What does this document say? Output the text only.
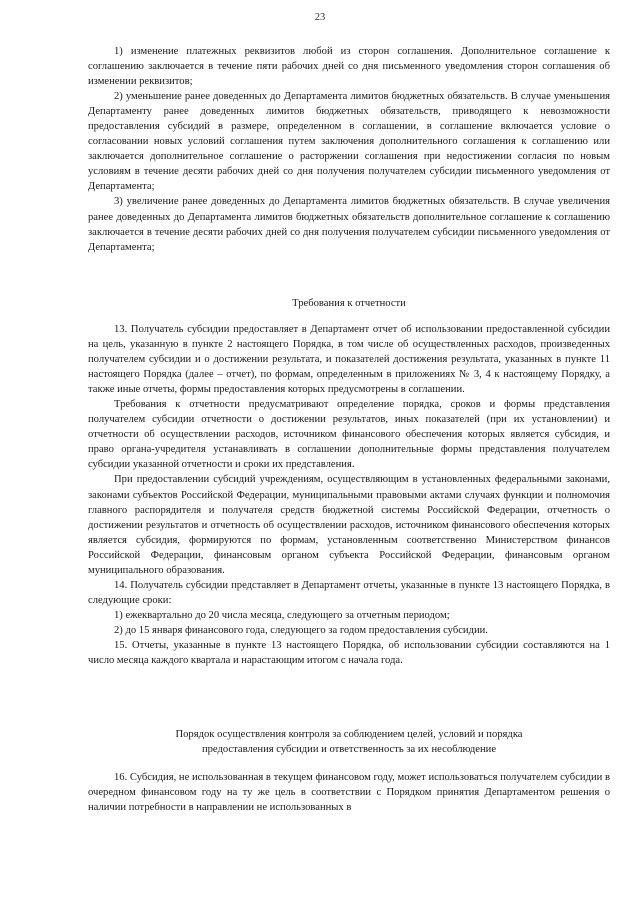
23

1) изменение платежных реквизитов любой из сторон соглашения. Дополнительное соглашение к соглашению заключается в течение пяти рабочих дней со дня письменного уведомления сторон соглашения об изменении реквизитов;

2) уменьшение ранее доведенных до Департамента лимитов бюджетных обязательств. В случае уменьшения Департаменту ранее доведенных лимитов бюджетных обязательств, приводящего к невозможности предоставления субсидий в размере, определенном в соглашении, в соглашение включается условие о согласовании новых условий соглашения путем заключения дополнительного соглашения к соглашению или заключается дополнительное соглашение о расторжении соглашения при недостижении согласия по новым условиям в течение десяти рабочих дней со дня получения получателем субсидии письменного уведомления от Департамента;

3) увеличение ранее доведенных до Департамента лимитов бюджетных обязательств. В случае увеличения ранее доведенных до Департамента лимитов бюджетных обязательств дополнительное соглашение к соглашению заключается в течение десяти рабочих дней со дня получения получателем субсидии письменного уведомления от Департамента;

Требования к отчетности

13. Получатель субсидии предоставляет в Департамент отчет об использовании предоставленной субсидии на цель, указанную в пункте 2 настоящего Порядка, в том числе об осуществленных расходов, произведенных получателем субсидии и о достижении результата, и показателей достижения результата, указанных в пункте 11 настоящего Порядка (далее – отчет), по формам, определенным в приложениях № 3, 4 к настоящему Порядку, а также иные отчеты, формы предоставления которых предусмотрены в соглашении.

Требования к отчетности предусматривают определение порядка, сроков и формы представления получателем субсидии отчетности о достижении результатов, иных показателей (при их установлении) и отчетности об осуществлении расходов, источником финансового обеспечения которых является субсидия, и право органа-учредителя устанавливать в соглашении дополнительные формы представления получателем субсидии указанной отчетности и сроки их представления.

При предоставлении субсидий учреждениям, осуществляющим в установленных федеральными законами, законами субъектов Российской Федерации, муниципальными правовыми актами случаях функции и полномочия главного распорядителя и получателя средств бюджетной системы Российской Федерации, отчетность о достижении результатов и отчетность об осуществлении расходов, источником финансового обеспечения которых является субсидия, формируются по формам, установленным соответственно Министерством финансов Российской Федерации, финансовым органом субъекта Российской Федерации, финансовым органом муниципального образования.

14. Получатель субсидии представляет в Департамент отчеты, указанные в пункте 13 настоящего Порядка, в следующие сроки:

1) ежеквартально до 20 числа месяца, следующего за отчетным периодом;

2) до 15 января финансового года, следующего за годом предоставления субсидии.

15. Отчеты, указанные в пункте 13 настоящего Порядка, об использовании субсидии составляются на 1 число месяца каждого квартала и нарастающим итогом с начала года.

Порядок осуществления контроля за соблюдением целей, условий и порядка
предоставления субсидии и ответственность за их несоблюдение

16. Субсидия, не использованная в текущем финансовом году, может использоваться получателем субсидии в очередном финансовом году на ту же цель в соответствии с Порядком принятия Департаментом решения о наличии потребности в направлении не использованных в
